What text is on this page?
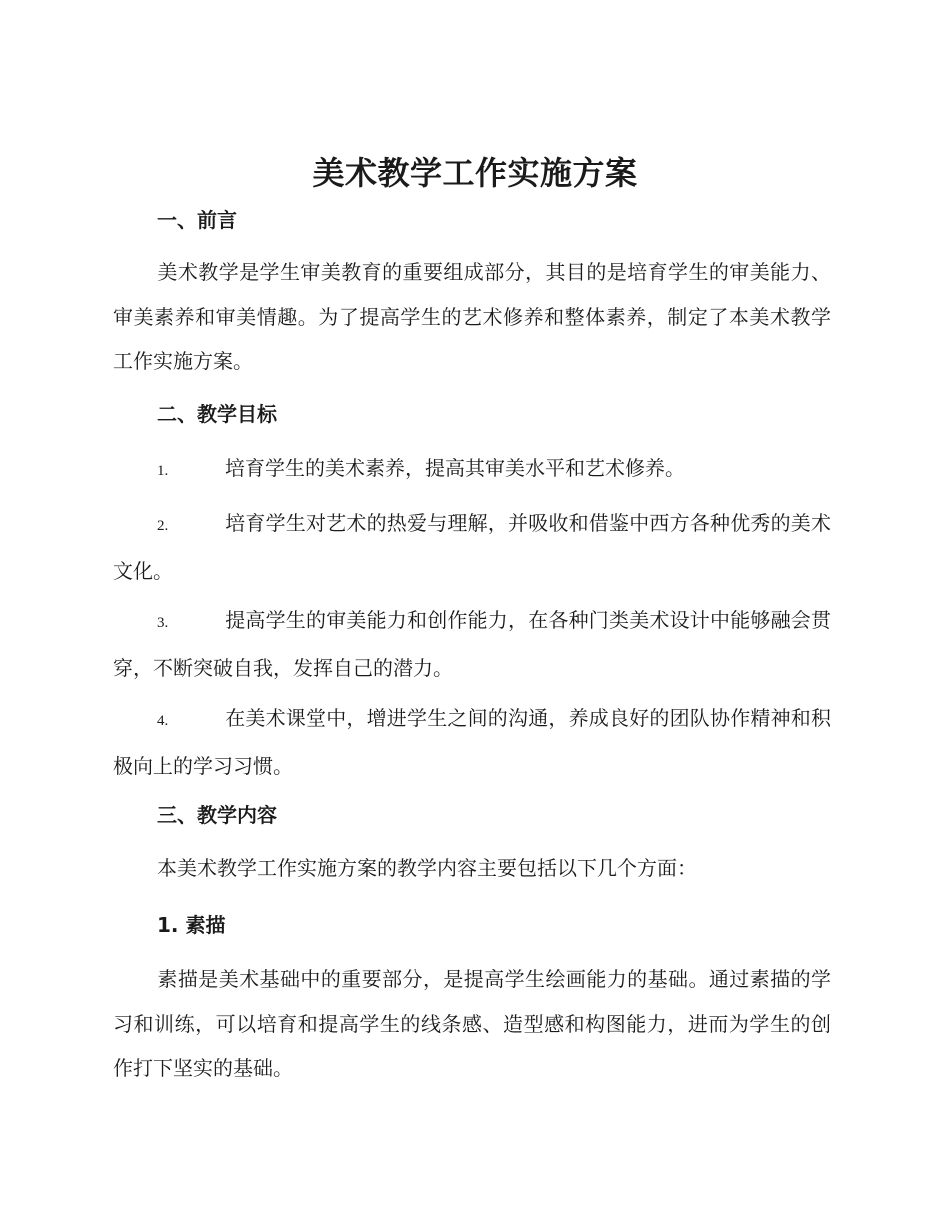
美术教学工作实施方案
一、前言

美术教学是学生审美教育的重要组成部分，其目的是培育学生的审美能力、审美素养和审美情趣。为了提高学生的艺术修养和整体素养，制定了本美术教学工作实施方案。

二、教学目标

1.	培育学生的美术素养，提高其审美水平和艺术修养。

2.	培育学生对艺术的热爱与理解，并吸收和借鉴中西方各种优秀的美术文化。

3.	提高学生的审美能力和创作能力，在各种门类美术设计中能够融会贯穿，不断突破自我，发挥自己的潜力。

4.	在美术课堂中，增进学生之间的沟通，养成良好的团队协作精神和积极向上的学习习惯。

三、教学内容

本美术教学工作实施方案的教学内容主要包括以下几个方面：

1. 素描

素描是美术基础中的重要部分，是提高学生绘画能力的基础。通过素描的学习和训练，可以培育和提高学生的线条感、造型感和构图能力，进而为学生的创作打下坚实的基础。
